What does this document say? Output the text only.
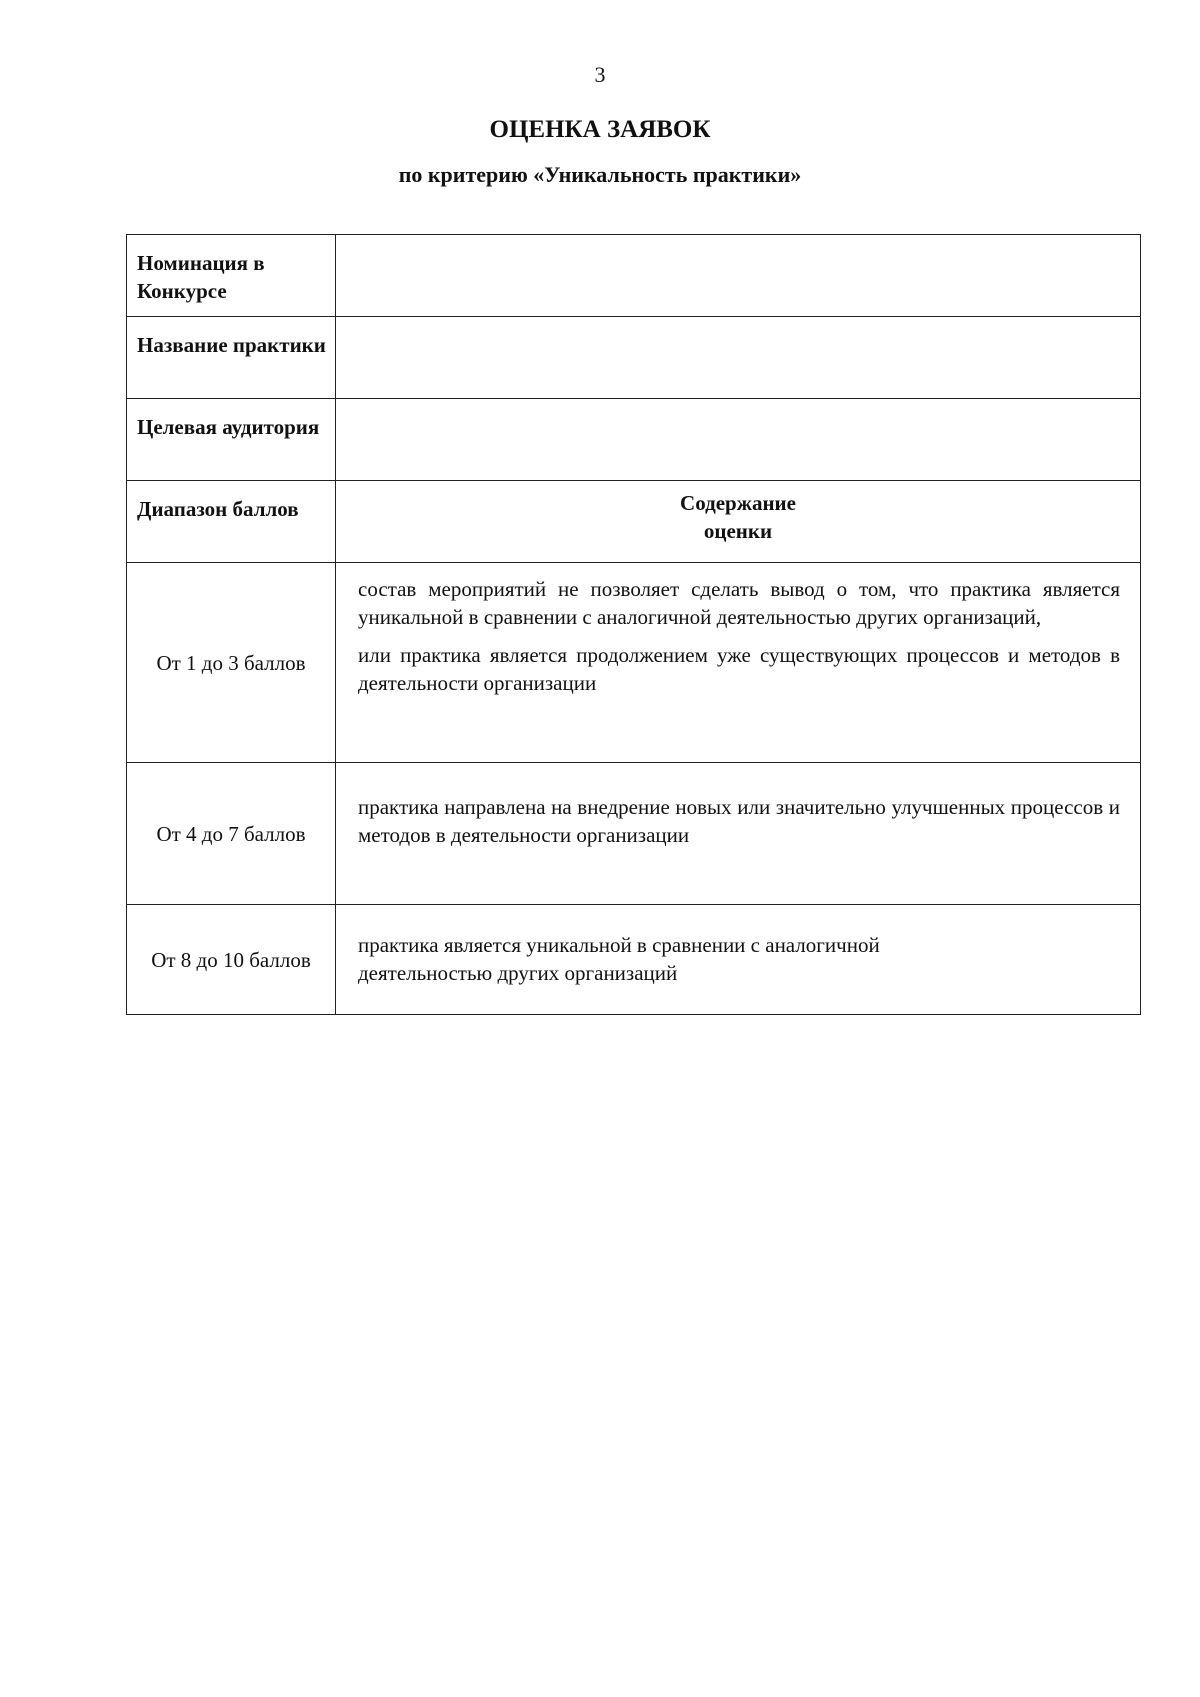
3
ОЦЕНКА ЗАЯВОК
по критерию «Уникальность практики»
Номинация в Конкурсе	
Название практики	
Целевая аудитория	
Диапазон баллов	Содержание оценки

От 1 до 3 баллов	состав мероприятий не позволяет сделать вывод о том, что практика является уникальной в сравнении с аналогичной деятельностью других организаций,

или практика является продолжением уже существующих процессов и методов в деятельности организации

От 4 до 7 баллов	практика направлена на внедрение новых или значительно улучшенных процессов и методов в деятельности организации

От 8 до 10 баллов	практика является уникальной в сравнении с аналогичной деятельностью других организаций
